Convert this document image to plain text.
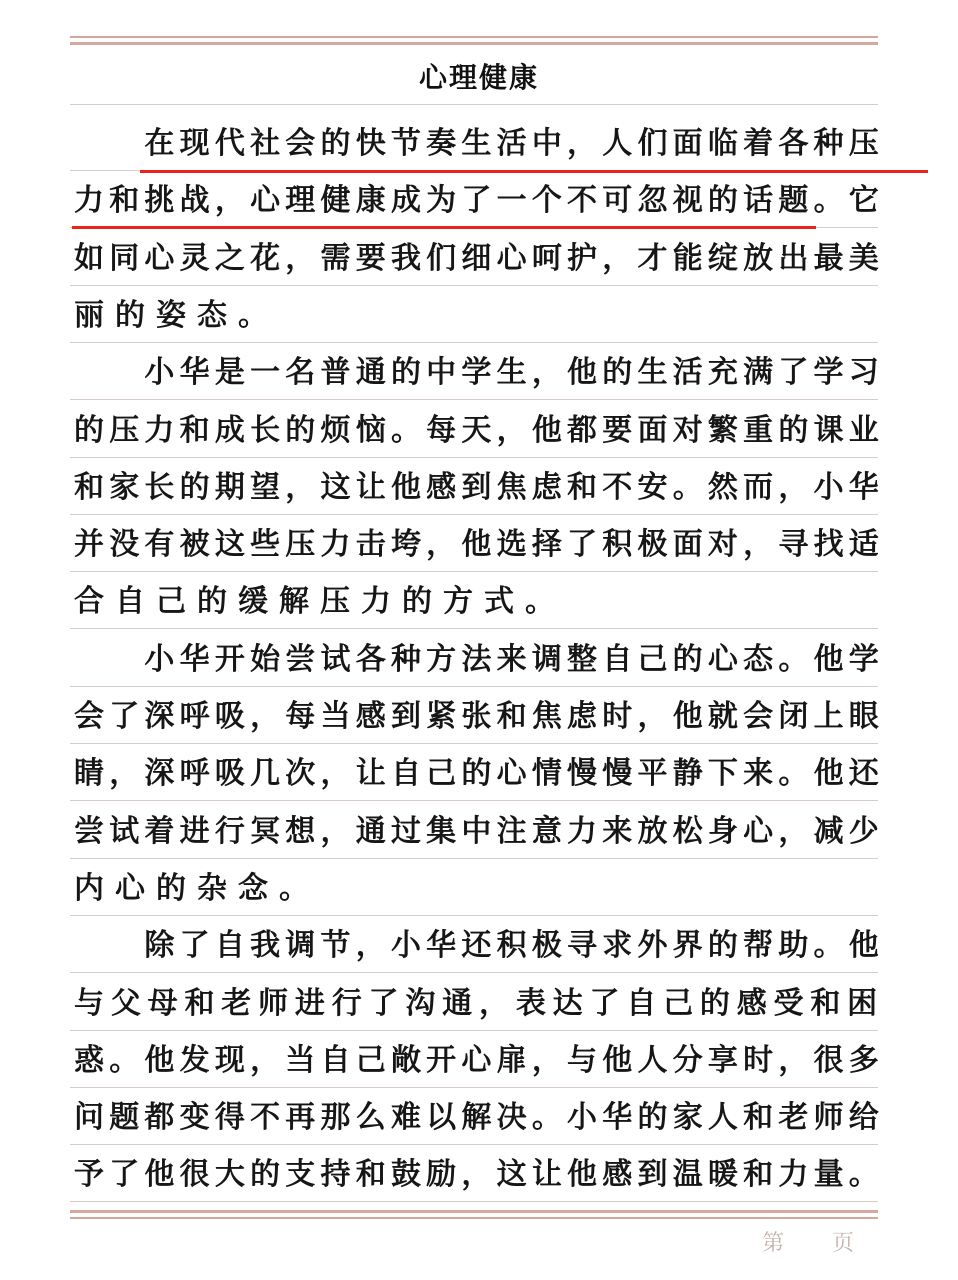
心理健康
在现代社会的快节奏生活中，人们面临着各种压
力和挑战，心理健康成为了一个不可忽视的话题。它
如同心灵之花，需要我们细心呵护，才能绽放出最美
丽的姿态。
小华是一名普通的中学生，他的生活充满了学习
的压力和成长的烦恼。每天，他都要面对繁重的课业
和家长的期望，这让他感到焦虑和不安。然而，小华
并没有被这些压力击垮，他选择了积极面对，寻找适
合自己的缓解压力的方式。
小华开始尝试各种方法来调整自己的心态。他学
会了深呼吸，每当感到紧张和焦虑时，他就会闭上眼
睛，深呼吸几次，让自己的心情慢慢平静下来。他还
尝试着进行冥想，通过集中注意力来放松身心，减少
内心的杂念。
除了自我调节，小华还积极寻求外界的帮助。他
与父母和老师进行了沟通，表达了自己的感受和困
惑。他发现，当自己敞开心扉，与他人分享时，很多
问题都变得不再那么难以解决。小华的家人和老师给
予了他很大的支持和鼓励，这让他感到温暖和力量。
第 页
